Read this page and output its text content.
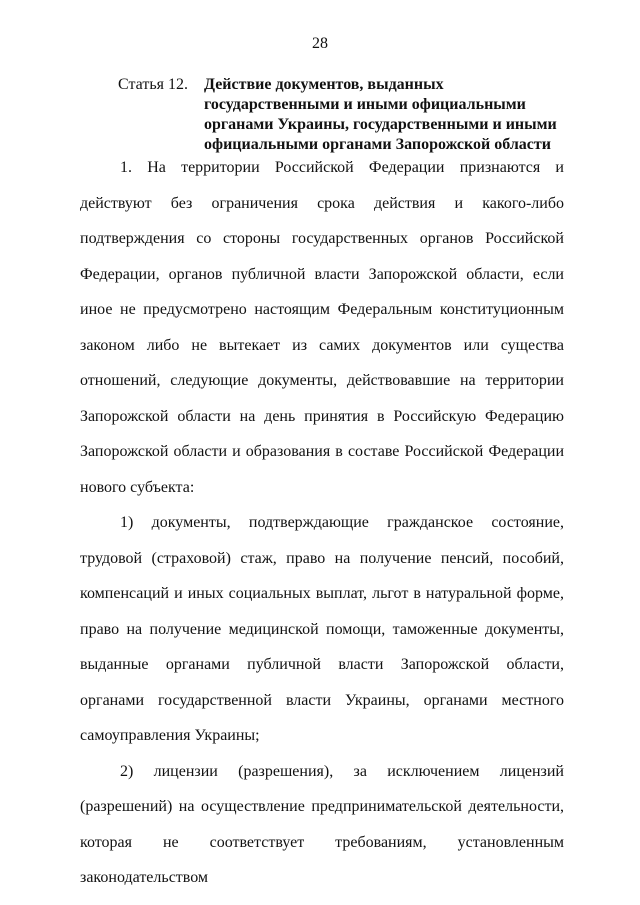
28
Статья 12.	Действие документов, выданных государственными и иными официальными органами Украины, государственными и иными официальными органами Запорожской области

1. На территории Российской Федерации признаются и действуют без ограничения срока действия и какого-либо подтверждения со стороны государственных органов Российской Федерации, органов публичной власти Запорожской области, если иное не предусмотрено настоящим Федеральным конституционным законом либо не вытекает из самих документов или существа отношений, следующие документы, действовавшие на территории Запорожской области на день принятия в Российскую Федерацию Запорожской области и образования в составе Российской Федерации нового субъекта:

1) документы, подтверждающие гражданское состояние, трудовой (страховой) стаж, право на получение пенсий, пособий, компенсаций и иных социальных выплат, льгот в натуральной форме, право на получение медицинской помощи, таможенные документы, выданные органами публичной власти Запорожской области, органами государственной власти Украины, органами местного самоуправления Украины;

2) лицензии (разрешения), за исключением лицензий (разрешений) на осуществление предпринимательской деятельности, которая не соответствует требованиям, установленным законодательством
